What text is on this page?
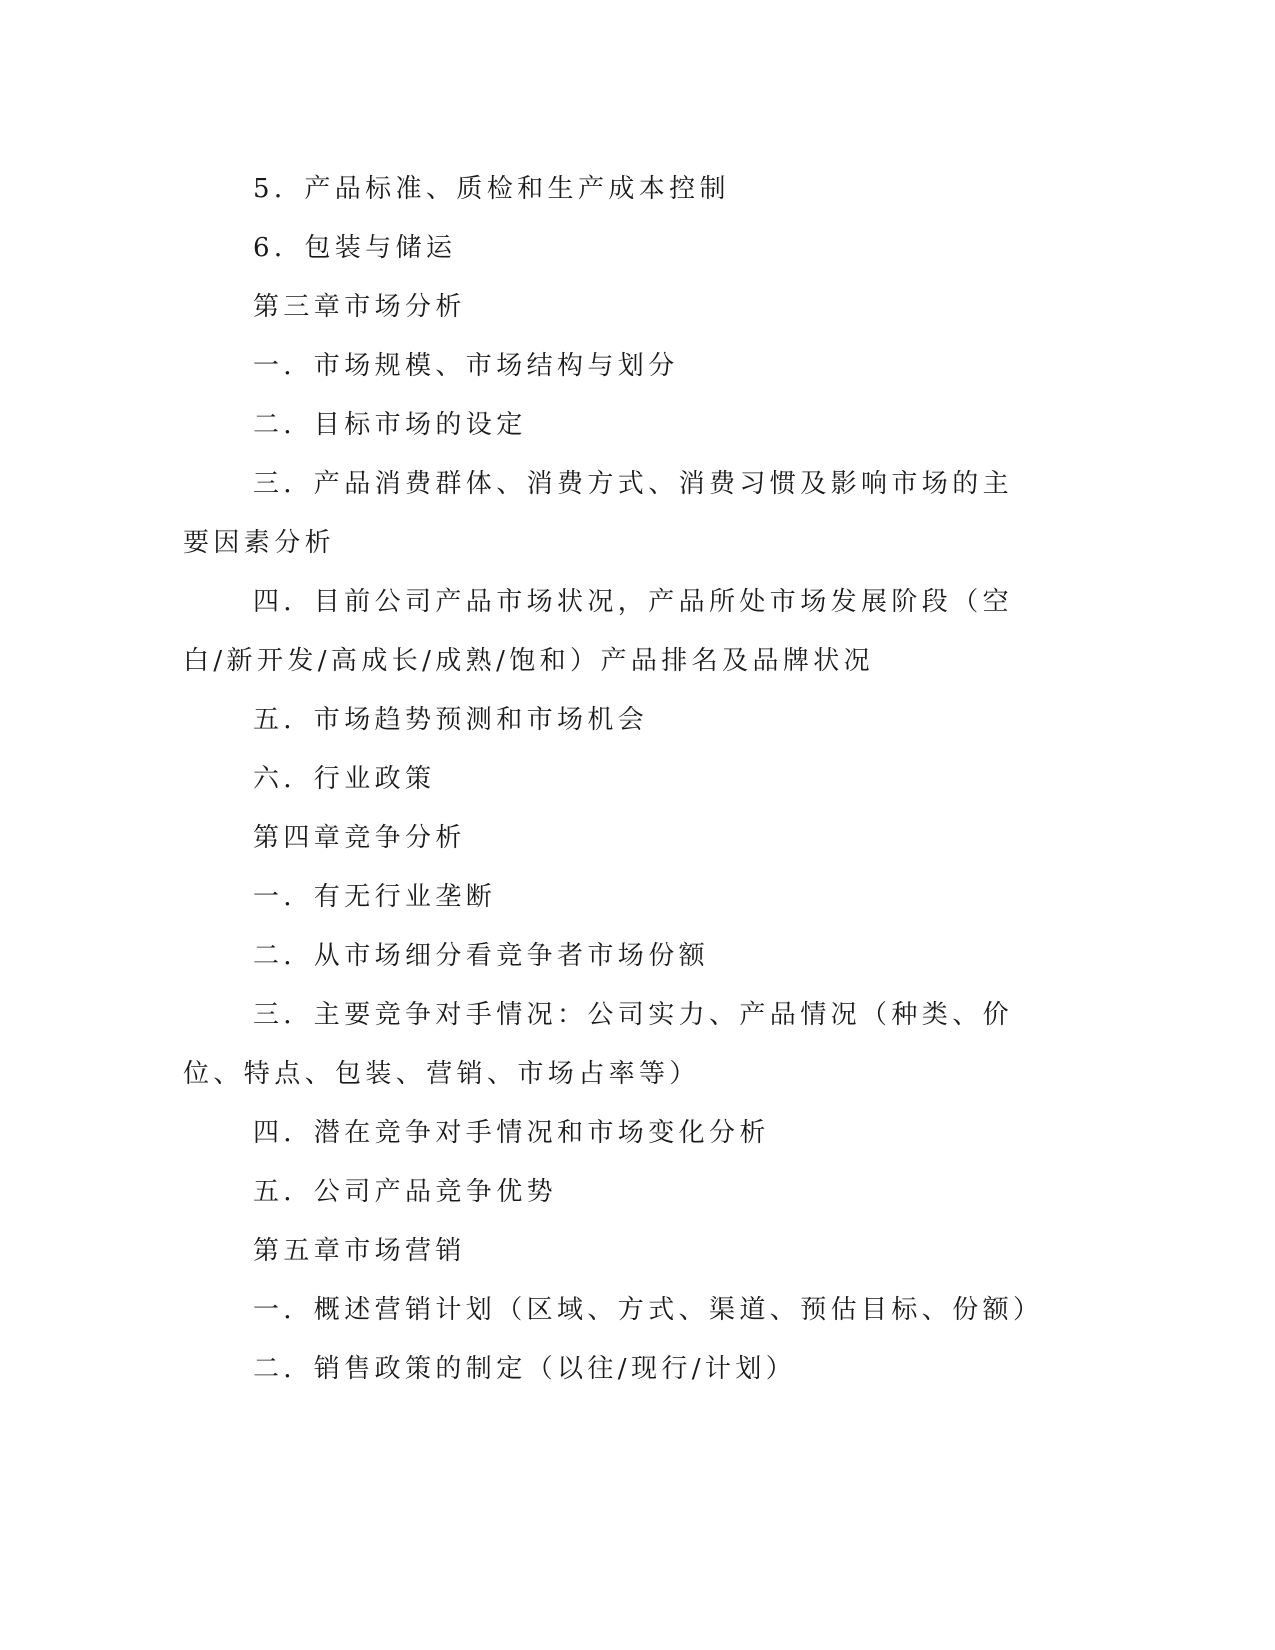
5．产品标准、质检和生产成本控制

6．包装与储运

第三章市场分析

一．市场规模、市场结构与划分

二．目标市场的设定

三．产品消费群体、消费方式、消费习惯及影响市场的主要因素分析

四．目前公司产品市场状况，产品所处市场发展阶段（空白/新开发/高成长/成熟/饱和）产品排名及品牌状况

五．市场趋势预测和市场机会

六．行业政策

第四章竞争分析

一．有无行业垄断

二．从市场细分看竞争者市场份额

三．主要竞争对手情况：公司实力、产品情况（种类、价位、特点、包装、营销、市场占率等）

四．潜在竞争对手情况和市场变化分析

五．公司产品竞争优势

第五章市场营销

一．概述营销计划（区域、方式、渠道、预估目标、份额）

二．销售政策的制定（以往/现行/计划）
